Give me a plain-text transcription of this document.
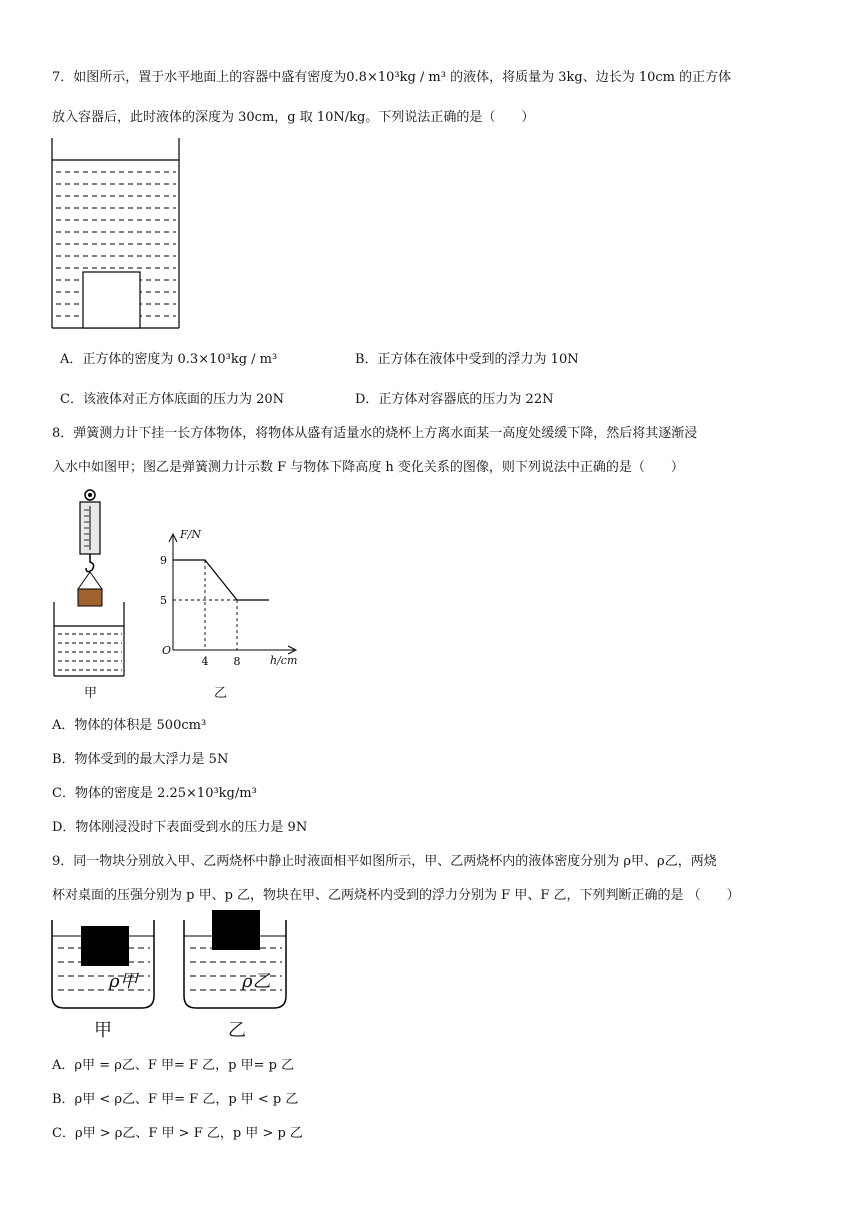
7．如图所示，置于水平地面上的容器中盛有密度为0.8×10³kg / m³ 的液体，将质量为 3kg、边长为 10cm 的正方体
放入容器后，此时液体的深度为 30cm，g 取 10N/kg。下列说法正确的是（　　）
A．正方体的密度为 0.3×10³kg / m³	B．正方体在液体中受到的浮力为 10N
C．该液体对正方体底面的压力为 20N	D．正方体对容器底的压力为 22N
8．弹簧测力计下挂一长方体物体，将物体从盛有适量水的烧杯上方离水面某一高度处缓缓下降，然后将其逐渐浸
入水中如图甲；图乙是弹簧测力计示数 F 与物体下降高度 h 变化关系的图像，则下列说法中正确的是（　　）
甲
4 8
9
5
F/N
O
h/cm
乙
A．物体的体积是 500cm³
B．物体受到的最大浮力是 5N
C．物体的密度是 2.25×10³kg/m³
D．物体刚浸没时下表面受到水的压力是 9N
9．同一物块分别放入甲、乙两烧杯中静止时液面相平如图所示，甲、乙两烧杯内的液体密度分别为 ρ甲、ρ乙，两烧
杯对桌面的压强分别为 p 甲、p 乙，物块在甲、乙两烧杯内受到的浮力分别为 F 甲、F 乙，下列判断正确的是 （　　）
ρ甲	ρ乙
甲	乙
A．ρ甲 = ρ乙、F 甲= F 乙，p 甲= p 乙
B．ρ甲 < ρ乙、F 甲= F 乙，p 甲 < p 乙
C．ρ甲 > ρ乙、F 甲 > F 乙，p 甲 > p 乙
